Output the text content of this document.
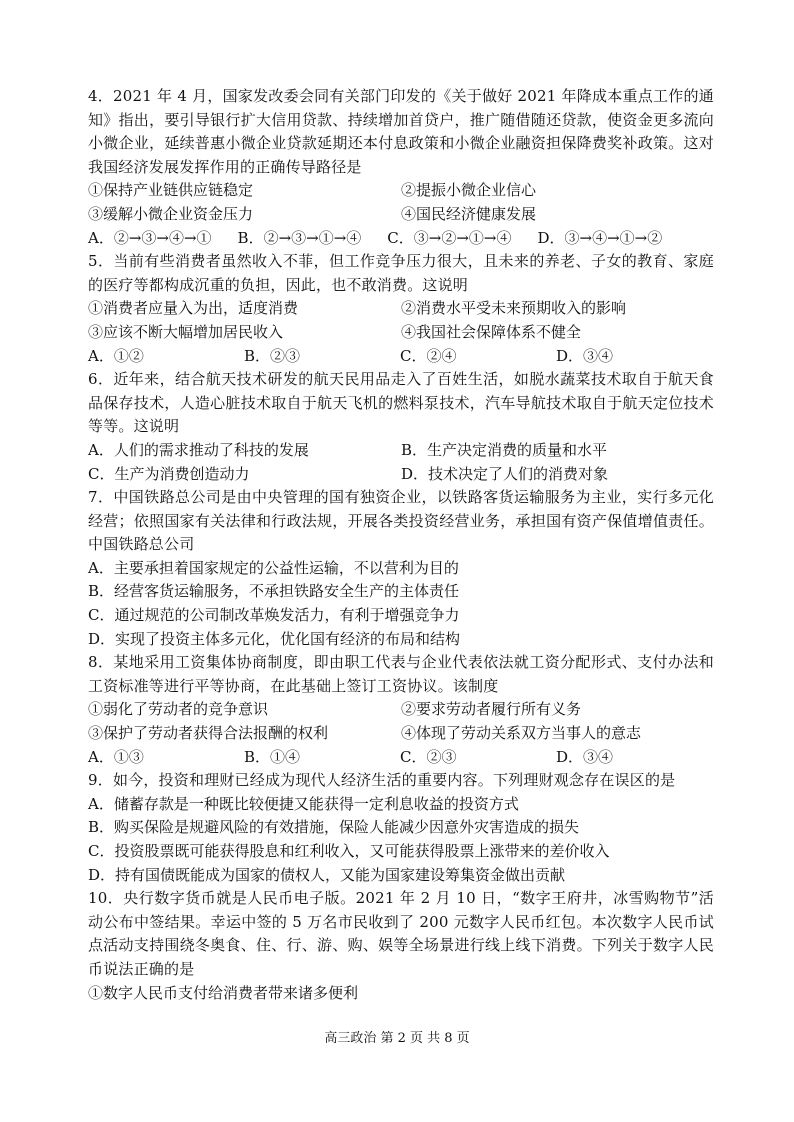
4．2021 年 4 月，国家发改委会同有关部门印发的《关于做好 2021 年降成本重点工作的通知》指出，要引导银行扩大信用贷款、持续增加首贷户，推广随借随还贷款，使资金更多流向小微企业，延续普惠小微企业贷款延期还本付息政策和小微企业融资担保降费奖补政策。这对我国经济发展发挥作用的正确传导路径是

①保持产业链供应链稳定	②提振小微企业信心
③缓解小微企业资金压力	④国民经济健康发展
A．②→③→④→① B．②→③→①→④ C．③→②→①→④ D．③→④→①→②

5．当前有些消费者虽然收入不菲，但工作竞争压力很大，且未来的养老、子女的教育、家庭的医疗等都构成沉重的负担，因此，也不敢消费。这说明

①消费者应量入为出，适度消费	②消费水平受未来预期收入的影响
③应该不断大幅增加居民收入	④我国社会保障体系不健全
A．①②	B．②③	C．②④	D．③④

6．近年来，结合航天技术研发的航天民用品走入了百姓生活，如脱水蔬菜技术取自于航天食品保存技术，人造心脏技术取自于航天飞机的燃料泵技术，汽车导航技术取自于航天定位技术等等。这说明

A．人们的需求推动了科技的发展	B．生产决定消费的质量和水平
C．生产为消费创造动力	D．技术决定了人们的消费对象

7．中国铁路总公司是由中央管理的国有独资企业，以铁路客货运输服务为主业，实行多元化经营；依照国家有关法律和行政法规，开展各类投资经营业务，承担国有资产保值增值责任。中国铁路总公司

A．主要承担着国家规定的公益性运输，不以营利为目的

B．经营客货运输服务，不承担铁路安全生产的主体责任

C．通过规范的公司制改革焕发活力，有利于增强竞争力

D．实现了投资主体多元化，优化国有经济的布局和结构

8．某地采用工资集体协商制度，即由职工代表与企业代表依法就工资分配形式、支付办法和工资标准等进行平等协商，在此基础上签订工资协议。该制度

①弱化了劳动者的竞争意识	②要求劳动者履行所有义务
③保护了劳动者获得合法报酬的权利	④体现了劳动关系双方当事人的意志
A．①③	B．①④	C．②③	D．③④

9．如今，投资和理财已经成为现代人经济生活的重要内容。下列理财观念存在误区的是

A．储蓄存款是一种既比较便捷又能获得一定利息收益的投资方式

B．购买保险是规避风险的有效措施，保险人能减少因意外灾害造成的损失

C．投资股票既可能获得股息和红利收入，又可能获得股票上涨带来的差价收入

D．持有国债既能成为国家的债权人，又能为国家建设筹集资金做出贡献

10．央行数字货币就是人民币电子版。2021 年 2 月 10 日，“数字王府井，冰雪购物节”活动公布中签结果。幸运中签的 5 万名市民收到了 200 元数字人民币红包。本次数字人民币试点活动支持围绕冬奥食、住、行、游、购、娱等全场景进行线上线下消费。下列关于数字人民币说法正确的是

①数字人民币支付给消费者带来诸多便利

高三政治 第 2 页 共 8 页
